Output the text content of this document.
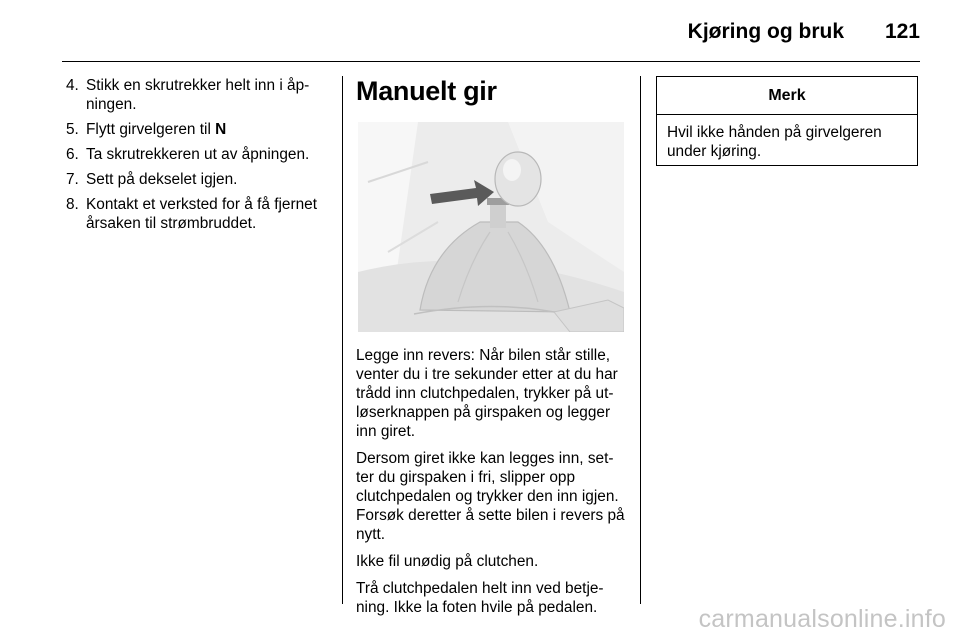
Kjøring og bruk 121
4. Stikk en skrutrekker helt inn i åp-ningen.
5. Flytt girvelgeren til N
6. Ta skrutrekkeren ut av åpningen.
7. Sett på dekselet igjen.
8. Kontakt et verksted for å få fjernet årsaken til strømbruddet.
Manuelt gir

Legge inn revers: Når bilen står stille, venter du i tre sekunder etter at du har trådd inn clutchpedalen, trykker på ut-løserknappen på girspaken og legger inn giret.

Dersom giret ikke kan legges inn, set-ter du girspaken i fri, slipper opp clutchpedalen og trykker den inn igjen. Forsøk deretter å sette bilen i revers på nytt.

Ikke fil unødig på clutchen.

Trå clutchpedalen helt inn ved betje-ning. Ikke la foten hvile på pedalen.

Merk
Hvil ikke hånden på girvelgeren under kjøring.
carmanualsonline.info
